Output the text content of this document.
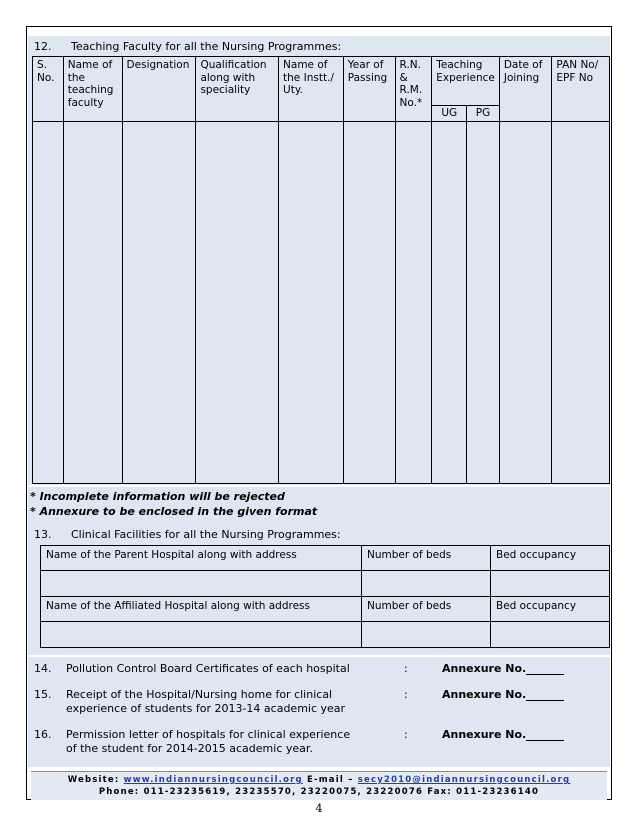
12. Teaching Faculty for all the Nursing Programmes:
S. No.	Name of the teaching faculty	Designation	Qualification along with speciality	Name of the Instt./ Uty.	Year of Passing	R.N. & R.M. No.*	Teaching Experience		Date of Joining	PAN No/ EPF No
							UG	PG		

* Incomplete information will be rejected
* Annexure to be enclosed in the given format
13. Clinical Facilities for all the Nursing Programmes:
Name of the Parent Hospital along with address	Number of beds	Bed occupancy

Name of the Affiliated Hospital along with address	Number of beds	Bed occupancy

14. Pollution Control Board Certificates of each hospital	:	Annexure No.
15. Receipt of the Hospital/Nursing home for clinical
experience of students for 2013-14 academic year
:	Annexure No.
16. Permission letter of hospitals for clinical experience
of the student for 2014-2015 academic year.
:	Annexure No.
Website: www.indiannursingcouncil.org E-mail – secy2010@indiannursingcouncil.org
Phone: 011-23235619, 23235570, 23220075, 23220076 Fax: 011-23236140
4
